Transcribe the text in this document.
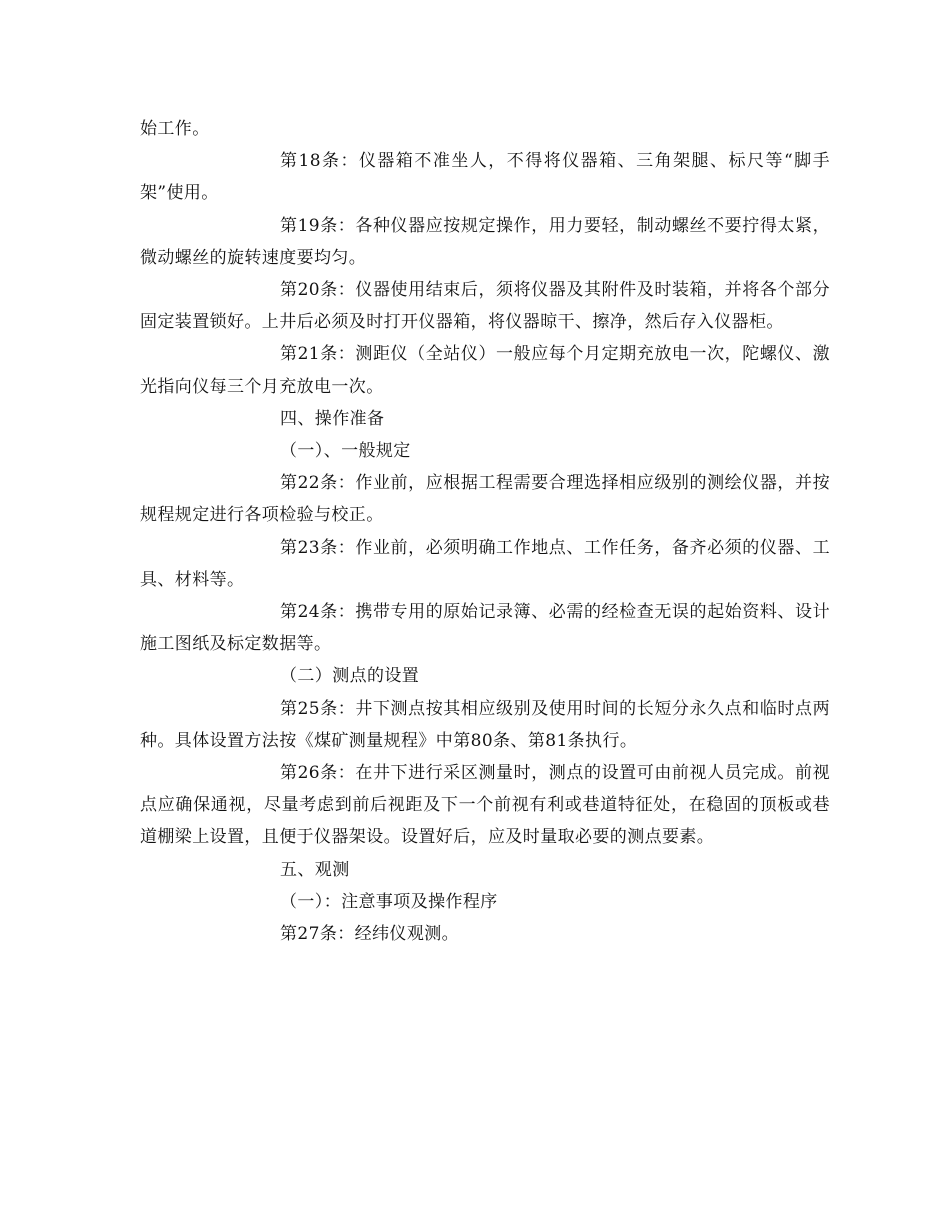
始工作。

第18条：仪器箱不准坐人，不得将仪器箱、三角架腿、标尺等“脚手架”使用。

第19条：各种仪器应按规定操作，用力要轻，制动螺丝不要拧得太紧，微动螺丝的旋转速度要均匀。

第20条：仪器使用结束后，须将仪器及其附件及时装箱，并将各个部分固定装置锁好。上井后必须及时打开仪器箱，将仪器晾干、擦净，然后存入仪器柜。

第21条：测距仪（全站仪）一般应每个月定期充放电一次，陀螺仪、激光指向仪每三个月充放电一次。

四、操作准备

（一）、一般规定

第22条：作业前，应根据工程需要合理选择相应级别的测绘仪器，并按规程规定进行各项检验与校正。

第23条：作业前，必须明确工作地点、工作任务，备齐必须的仪器、工具、材料等。

第24条：携带专用的原始记录簿、必需的经检查无误的起始资料、设计施工图纸及标定数据等。

（二）测点的设置

第25条：井下测点按其相应级别及使用时间的长短分永久点和临时点两种。具体设置方法按《煤矿测量规程》中第80条、第81条执行。

第26条：在井下进行采区测量时，测点的设置可由前视人员完成。前视点应确保通视，尽量考虑到前后视距及下一个前视有利或巷道特征处，在稳固的顶板或巷道棚梁上设置，且便于仪器架设。设置好后，应及时量取必要的测点要素。

五、观测

（一）：注意事项及操作程序

第27条：经纬仪观测。
